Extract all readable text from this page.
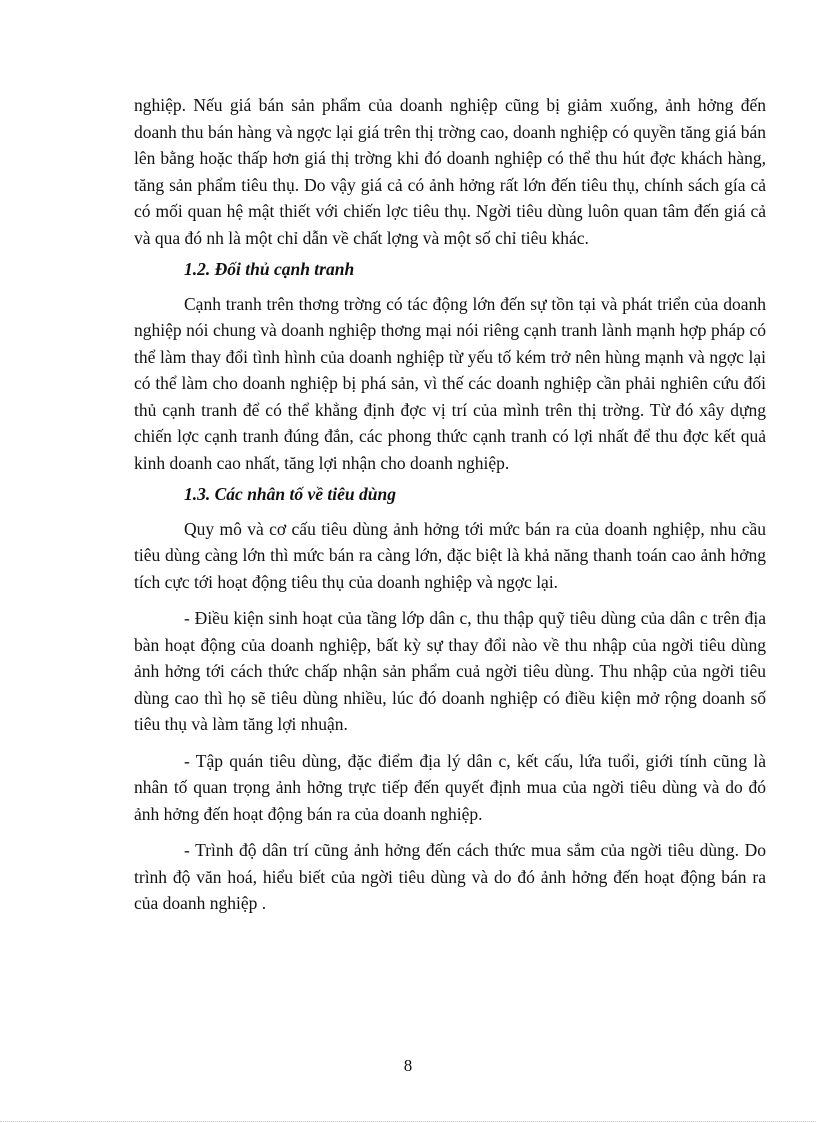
nghiệp. Nếu giá bán sản phẩm của doanh nghiệp cũng bị giảm xuống, ảnh hởng đến doanh thu bán hàng và ngợc lại giá trên thị trờng cao, doanh nghiệp có quyền tăng giá bán lên bằng hoặc thấp hơn giá thị trờng khi đó doanh nghiệp có thể thu hút đợc khách hàng, tăng sản phẩm tiêu thụ. Do vậy giá cả có ảnh hởng rất lớn đến tiêu thụ, chính sách gía cả có mối quan hệ mật thiết với chiến lợc tiêu thụ. Ngời tiêu dùng luôn quan tâm đến giá cả và qua đó nh là một chỉ dẫn về chất lợng và một số chỉ tiêu khác.

1.2. Đối thủ cạnh tranh

Cạnh tranh trên thơng trờng có tác động lớn đến sự tồn tại và phát triển của doanh nghiệp nói chung và doanh nghiệp thơng mại nói riêng cạnh tranh lành mạnh hợp pháp có thể làm thay đổi tình hình của doanh nghiệp từ yếu tố kém trở nên hùng mạnh và ngợc lại có thể làm cho doanh nghiệp bị phá sản, vì thế các doanh nghiệp cần phải nghiên cứu đối thủ cạnh tranh để có thể khẳng định đợc vị trí của mình trên thị trờng. Từ đó xây dựng chiến lợc cạnh tranh đúng đắn, các phong thức cạnh tranh có lợi nhất để thu đợc kết quả kinh doanh cao nhất, tăng lợi nhận cho doanh nghiệp.

1.3. Các nhân tố về tiêu dùng

Quy mô và cơ cấu tiêu dùng ảnh hởng tới mức bán ra của doanh nghiệp, nhu cầu tiêu dùng càng lớn thì mức bán ra càng lớn, đặc biệt là khả năng thanh toán cao ảnh hởng tích cực tới hoạt động tiêu thụ của doanh nghiệp và ngợc lại.

- Điều kiện sinh hoạt của tầng lớp dân c, thu thập quỹ tiêu dùng của dân c trên địa bàn hoạt động của doanh nghiệp, bất kỳ sự thay đổi nào về thu nhập của ngời tiêu dùng ảnh hởng tới cách thức chấp nhận sản phẩm cuả ngời tiêu dùng. Thu nhập của ngời tiêu dùng cao thì họ sẽ tiêu dùng nhiều, lúc đó doanh nghiệp có điều kiện mở rộng doanh số tiêu thụ và làm tăng lợi nhuận.

- Tập quán tiêu dùng, đặc điểm địa lý dân c, kết cấu, lứa tuổi, giới tính cũng là nhân tố quan trọng ảnh hởng trực tiếp đến quyết định mua của ngời tiêu dùng và do đó ảnh hởng đến hoạt động bán ra của doanh nghiệp.

- Trình độ dân trí cũng ảnh hởng đến cách thức mua sắm của ngời tiêu dùng. Do trình độ văn hoá, hiểu biết của ngời tiêu dùng và do đó ảnh hởng đến hoạt động bán ra của doanh nghiệp .

8
